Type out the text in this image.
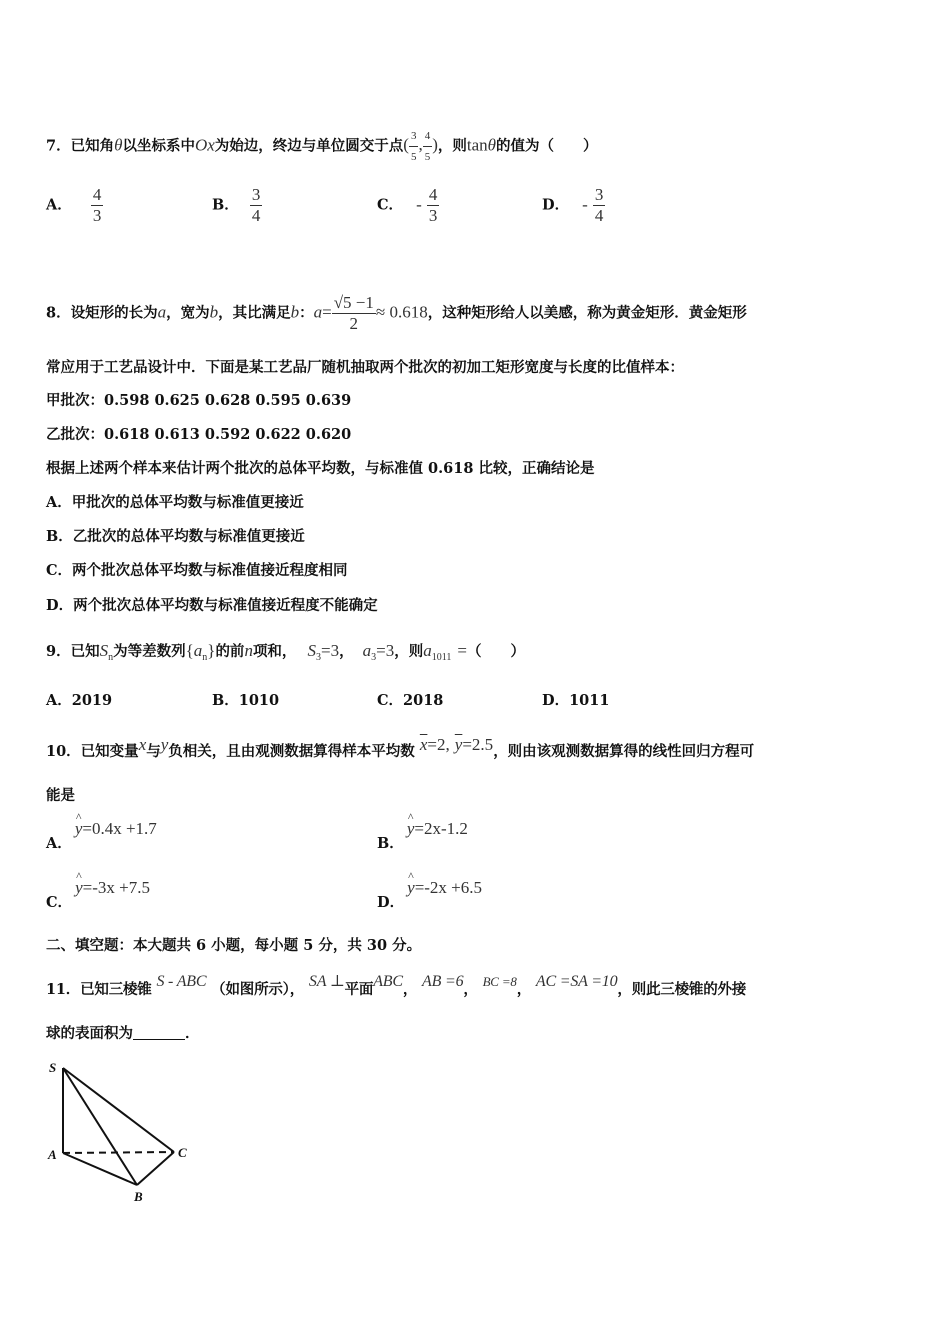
7．已知角θ以坐标系中Ox为始边，终边与单位圆交于点( $\frac{3}{5}$ , $\frac{4}{5}$ )，则tanθ的值为（　　）
A． $\frac{4}{3}$	B． $\frac{3}{4}$	C． - $\frac{4}{3}$	D． - $\frac{3}{4}$
8．设矩形的长为a，宽为b，其比满足b：$a= \frac{√5 -1}{2} \approx 0.618$，这种矩形给人以美感，称为黄金矩形．黄金矩形
常应用于工艺品设计中．下面是某工艺品厂随机抽取两个批次的初加工矩形宽度与长度的比值样本：
甲批次：0.598 0.625 0.628 0.595 0.639
乙批次：0.618 0.613 0.592 0.622 0.620
根据上述两个样本来估计两个批次的总体平均数，与标准值 0.618 比较，正确结论是
A．甲批次的总体平均数与标准值更接近
B．乙批次的总体平均数与标准值更接近
C．两个批次总体平均数与标准值接近程度相同
D．两个批次总体平均数与标准值接近程度不能确定
9．已知$S_n$为等差数列$\{a_n\}$的前n项和， $S_3=3$， $a_3=3$，则$a_{1011}$ =（　　）
A．2019	B．1010	C．2018	D．1011
10．已知变量x与y负相关，且由观测数据算得样本平均数 $\overline{x}=2$, $\overline{y}=2.5$，则由该观测数据算得的线性回归方程可
能是
A． ^ y=0.4x +1.7
B． ^ y=2x-1.2
C． ^ y=-3x +7.5
D． ^ y=-2x +6.5
二、填空题：本大题共 6 小题，每小题 5 分，共 30 分。
11．已知三棱锥 S - ABC （如图所示）， SA ⊥平面ABC， AB =6， BC =8， AC =SA =10，则此三棱锥的外接
球的表面积为	．
S
A
B
C
